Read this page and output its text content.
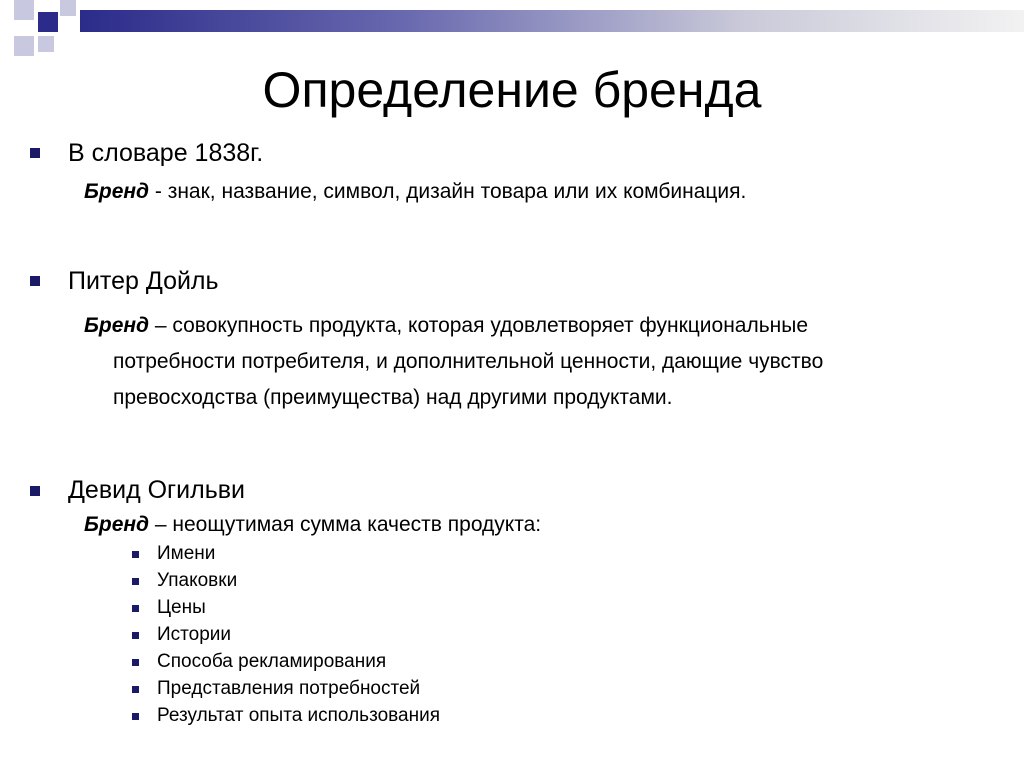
Определение бренда
В словаре 1838г.
Бренд - знак, название, символ, дизайн товара или их комбинация.
Питер Дойль
Бренд – совокупность продукта, которая удовлетворяет функциональные
потребности потребителя, и дополнительной ценности, дающие чувство
превосходства (преимущества) над другими продуктами.
Девид Огильви
Бренд – неощутимая сумма качеств продукта:
Имени
Упаковки
Цены
Истории
Способа рекламирования
Представления потребностей
Результат опыта использования
